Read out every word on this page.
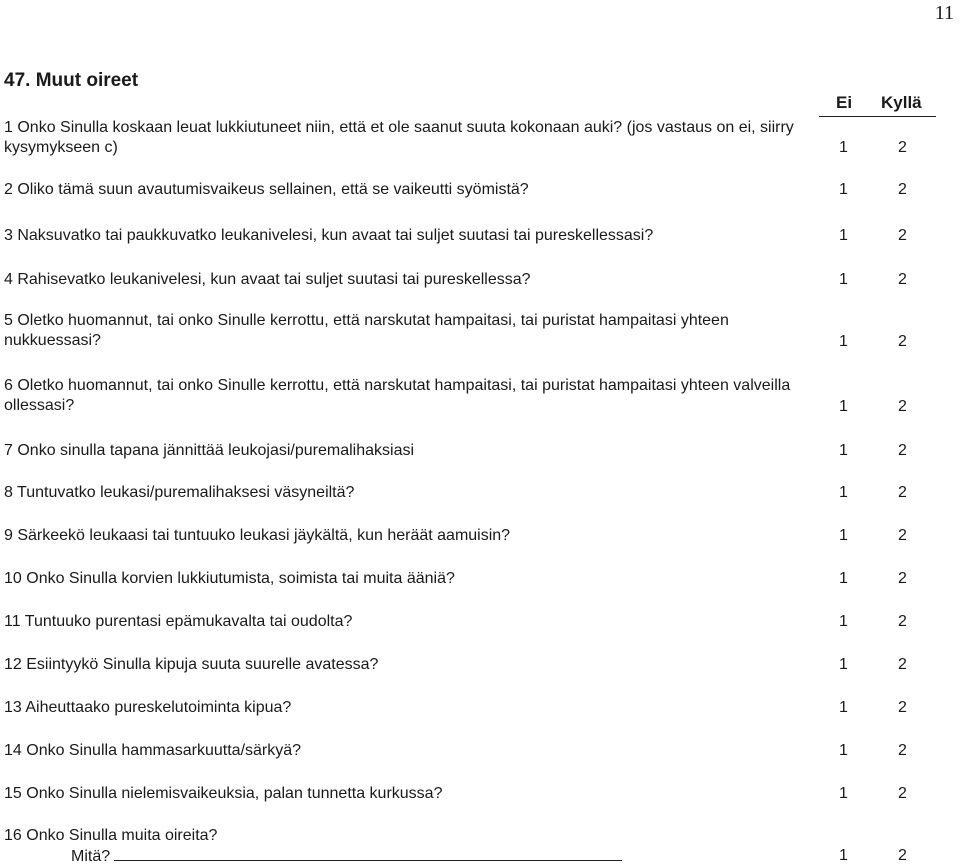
11
47. Muut oireet
Ei Kyllä
1 Onko Sinulla koskaan leuat lukkiutuneet niin, että et ole saanut suuta kokonaan auki? (jos vastaus on ei, siirry kysymykseen c)	1	2
2 Oliko tämä suun avautumisvaikeus sellainen, että se vaikeutti syömistä?	1	2
3 Naksuvatko tai paukkuvatko leukanivelesi, kun avaat tai suljet suutasi tai pureskellessasi?	1	2
4 Rahisevatko leukanivelesi, kun avaat tai suljet suutasi tai pureskellessa?	1	2
5 Oletko huomannut, tai onko Sinulle kerrottu, että narskutat hampaitasi, tai puristat hampaitasi yhteen nukkuessasi?	1	2
6 Oletko huomannut, tai onko Sinulle kerrottu, että narskutat hampaitasi, tai puristat hampaitasi yhteen valveilla ollessasi?	1	2
7 Onko sinulla tapana jännittää leukojasi/puremalihaksiasi	1	2
8 Tuntuvatko leukasi/puremalihaksesi väsyneiltä?	1	2
9 Särkeekö leukaasi tai tuntuuko leukasi jäykältä, kun heräät aamuisin?	1	2
10 Onko Sinulla korvien lukkiutumista, soimista tai muita ääniä?	1	2
11 Tuntuuko purentasi epämukavalta tai oudolta?	1	2
12 Esiintyykö Sinulla kipuja suuta suurelle avatessa?	1	2
13 Aiheuttaako pureskelutoiminta kipua?	1	2
14 Onko Sinulla hammasarkuutta/särkyä?	1	2
15 Onko Sinulla nielemisvaikeuksia, palan tunnetta kurkussa?	1	2
16 Onko Sinulla muita oireita?
Mitä?	1	2
